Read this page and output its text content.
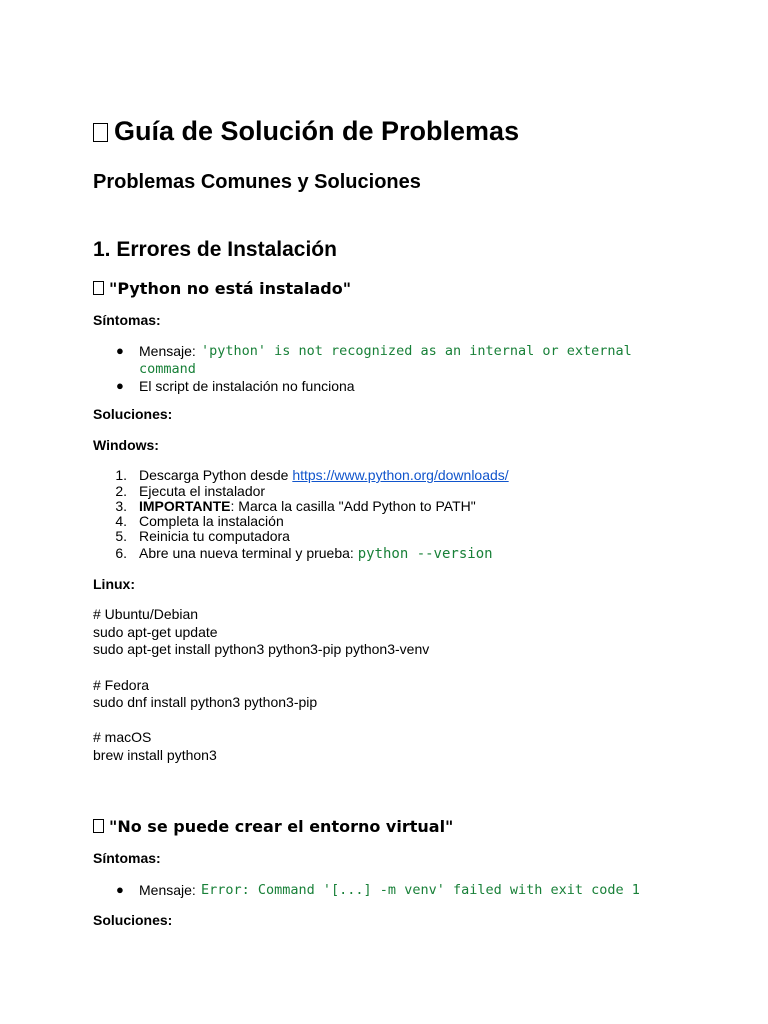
Guía de Solución de Problemas
Problemas Comunes y Soluciones
1. Errores de Instalación
"Python no está instalado"
Síntomas:
● Mensaje: 'python' is not recognized as an internal or external
command
● El script de instalación no funciona
Soluciones:
Windows:
1. Descarga Python desde https://www.python.org/downloads/
2. Ejecuta el instalador
3. IMPORTANTE: Marca la casilla "Add Python to PATH"
4. Completa la instalación
5. Reinicia tu computadora
6. Abre una nueva terminal y prueba: python --version
Linux:
# Ubuntu/Debian
sudo apt-get update
sudo apt-get install python3 python3-pip python3-venv
# Fedora
sudo dnf install python3 python3-pip
# macOS
brew install python3
"No se puede crear el entorno virtual"
Síntomas:
● Mensaje: Error: Command '[...] -m venv' failed with exit code 1
Soluciones:
